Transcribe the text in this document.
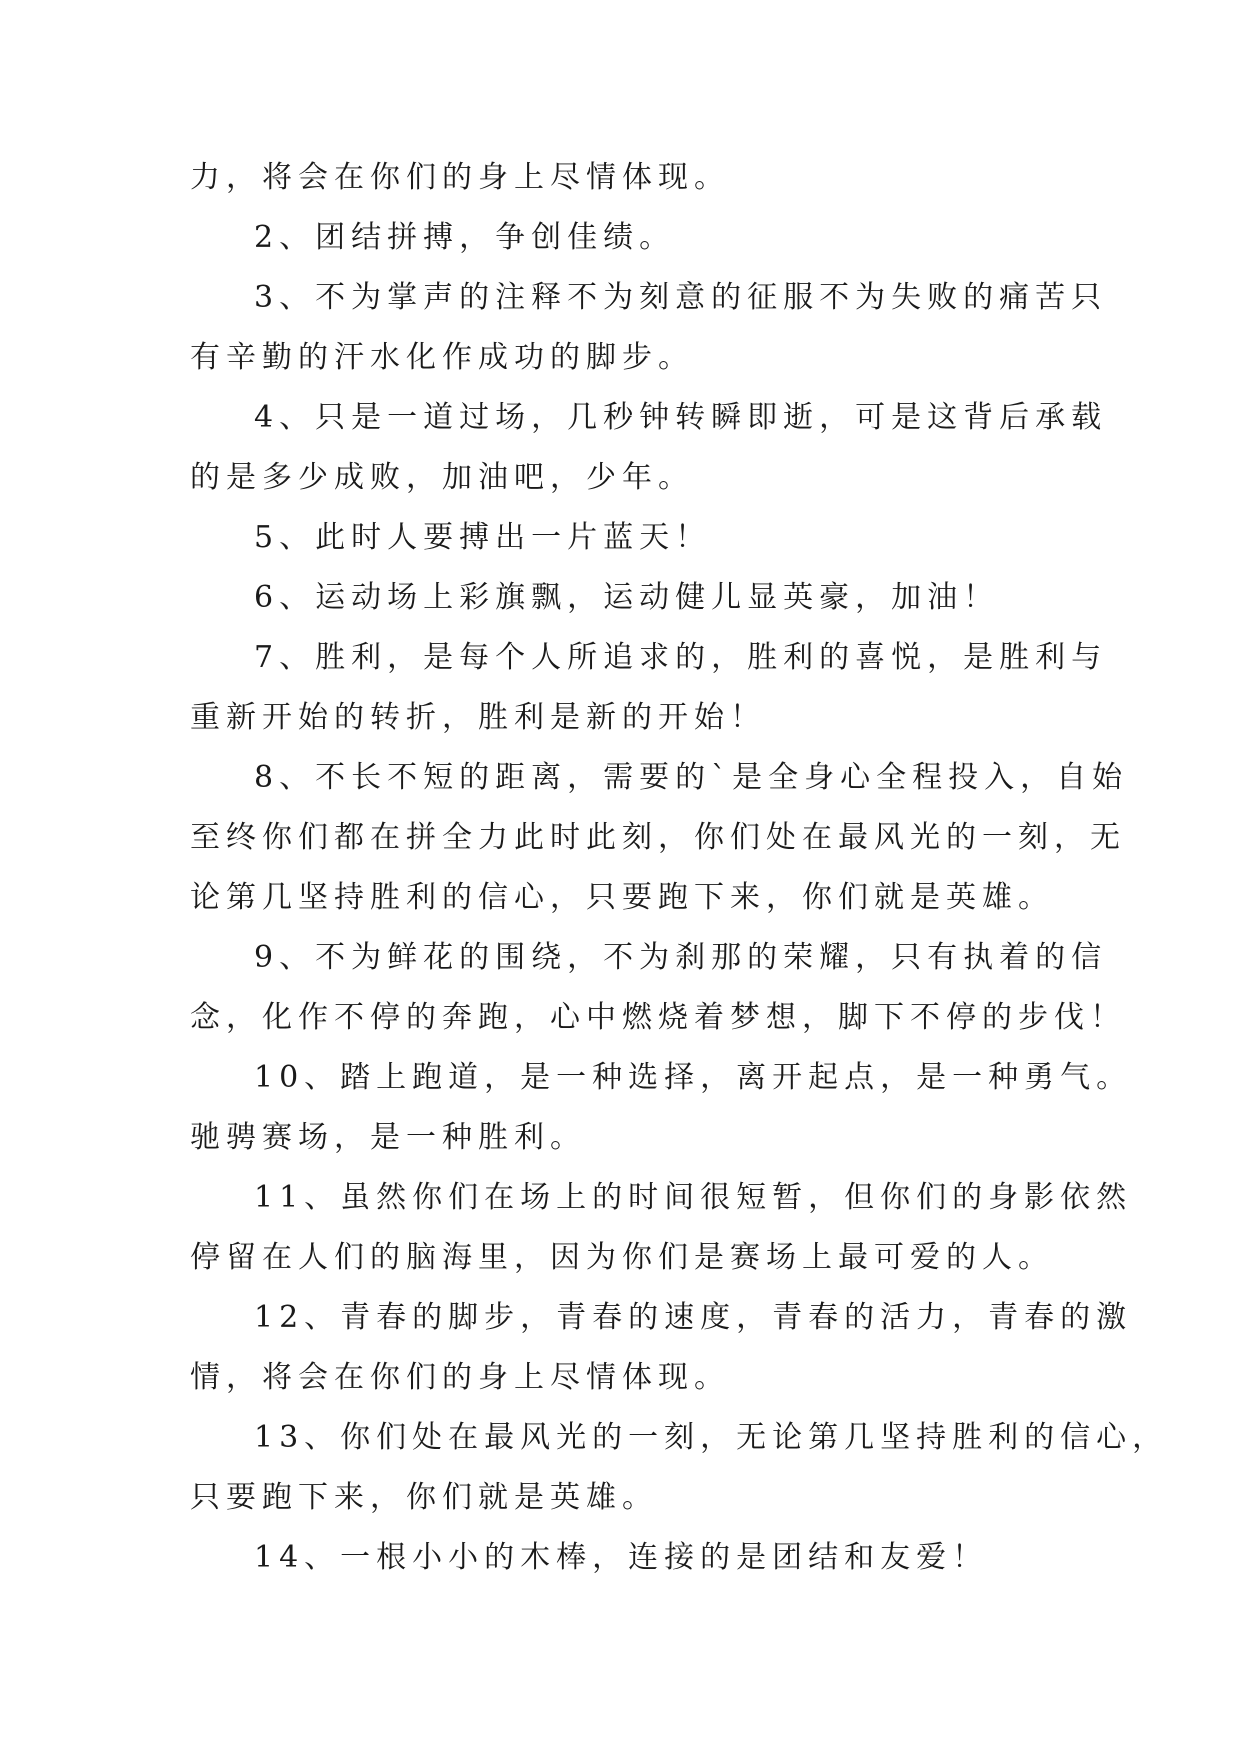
力，将会在你们的身上尽情体现。
2、团结拼搏，争创佳绩。
3、不为掌声的注释不为刻意的征服不为失败的痛苦只
有辛勤的汗水化作成功的脚步。
4、只是一道过场，几秒钟转瞬即逝，可是这背后承载
的是多少成败，加油吧，少年。
5、此时人要搏出一片蓝天！
6、运动场上彩旗飘，运动健儿显英豪，加油！
7、胜利，是每个人所追求的，胜利的喜悦，是胜利与
重新开始的转折，胜利是新的开始！
8、不长不短的距离，需要的`是全身心全程投入，自始
至终你们都在拼全力此时此刻，你们处在最风光的一刻，无
论第几坚持胜利的信心，只要跑下来，你们就是英雄。
9、不为鲜花的围绕，不为刹那的荣耀，只有执着的信
念，化作不停的奔跑，心中燃烧着梦想，脚下不停的步伐！
10、踏上跑道，是一种选择，离开起点，是一种勇气。
驰骋赛场，是一种胜利。
11、虽然你们在场上的时间很短暂，但你们的身影依然
停留在人们的脑海里，因为你们是赛场上最可爱的人。
12、青春的脚步，青春的速度，青春的活力，青春的激
情，将会在你们的身上尽情体现。
13、你们处在最风光的一刻，无论第几坚持胜利的信心，
只要跑下来，你们就是英雄。
14、一根小小的木棒，连接的是团结和友爱！
